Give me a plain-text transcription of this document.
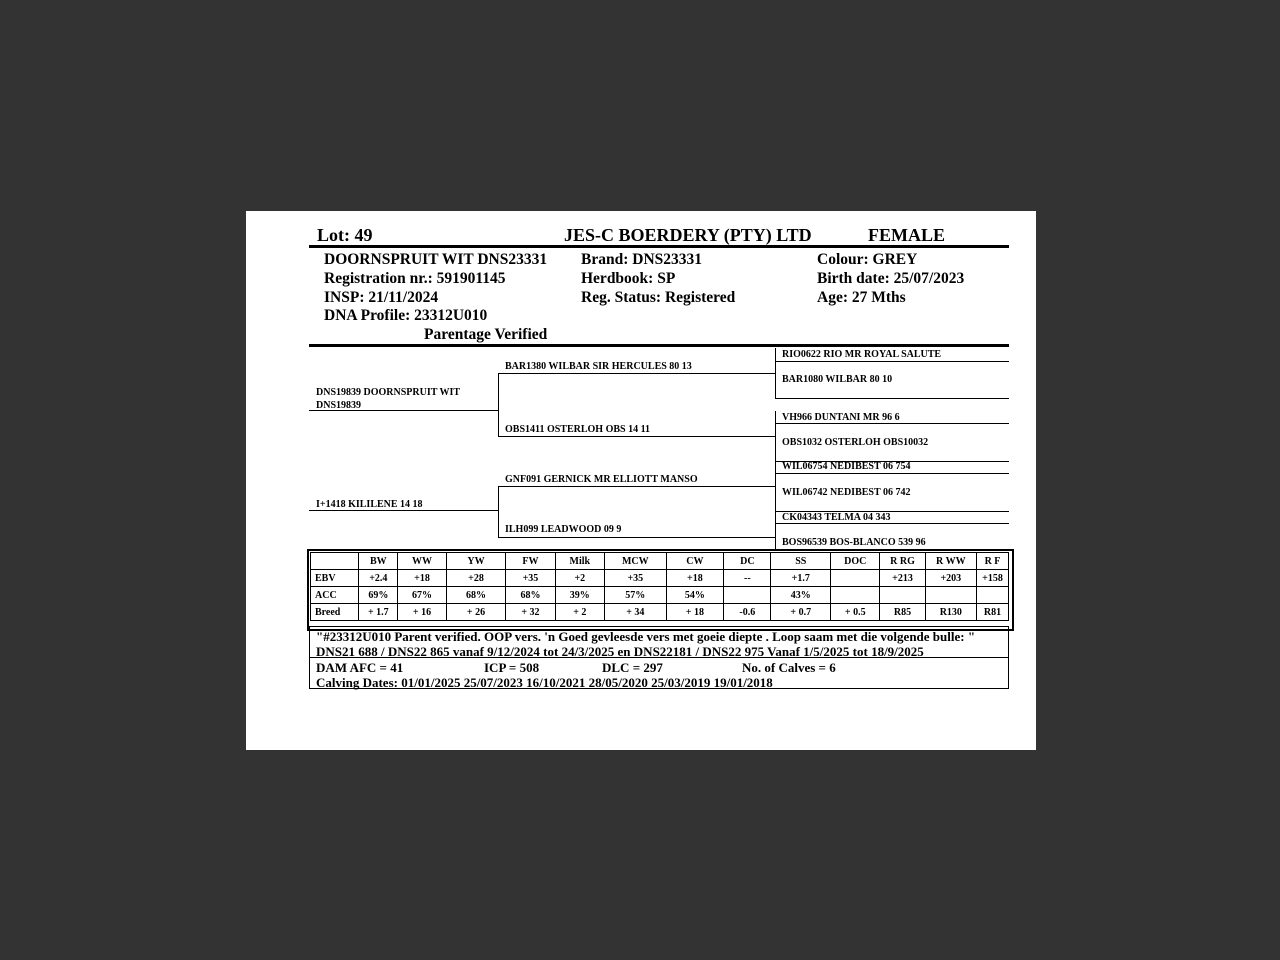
Lot: 49	JES-C BOERDERY (PTY) LTD	FEMALE
DOORNSPRUIT WIT DNS23331
Registration nr.: 591901145
INSP: 21/11/2024
DNA Profile: 23312U010
Parentage Verified
Brand: DNS23331
Herdbook: SP
Reg. Status: Registered
Colour: GREY
Birth date: 25/07/2023
Age: 27 Mths
DNS19839 DOORNSPRUIT WIT
DNS19839
I+1418 KILILENE 14 18
BAR1380 WILBAR SIR HERCULES 80 13
OBS1411 OSTERLOH OBS 14 11
GNF091 GERNICK MR ELLIOTT MANSO
ILH099 LEADWOOD 09 9
RIO0622 RIO MR ROYAL SALUTE
BAR1080 WILBAR 80 10
VH966 DUNTANI MR 96 6
OBS1032 OSTERLOH OBS10032
WIL06754 NEDIBEST 06 754
WIL06742 NEDIBEST 06 742
CK04343 TELMA 04 343
BOS96539 BOS-BLANCO 539 96
	BW	WW	YW	FW	Milk	MCW	CW	DC	SS	DOC	R RG	R WW	R F
EBV	+2.4	+18	+28	+35	+2	+35	+18	--	+1.7		+213	+203	+158
ACC	69%	67%	68%	68%	39%	57%	54%		43%				
Breed	+ 1.7	+ 16	+ 26	+ 32	+ 2	+ 34	+ 18	-0.6	+ 0.7	+ 0.5	R85	R130	R81
"#23312U010 Parent verified. OOP vers. 'n Goed gevleesde vers met goeie diepte . Loop saam met die volgende bulle: "
DNS21 688 / DNS22 865 vanaf 9/12/2024 tot 24/3/2025 en DNS22181 / DNS22 975 Vanaf 1/5/2025 tot 18/9/2025
DAM AFC = 41	ICP = 508	DLC = 297	No. of Calves = 6
Calving Dates: 01/01/2025 25/07/2023 16/10/2021 28/05/2020 25/03/2019 19/01/2018
